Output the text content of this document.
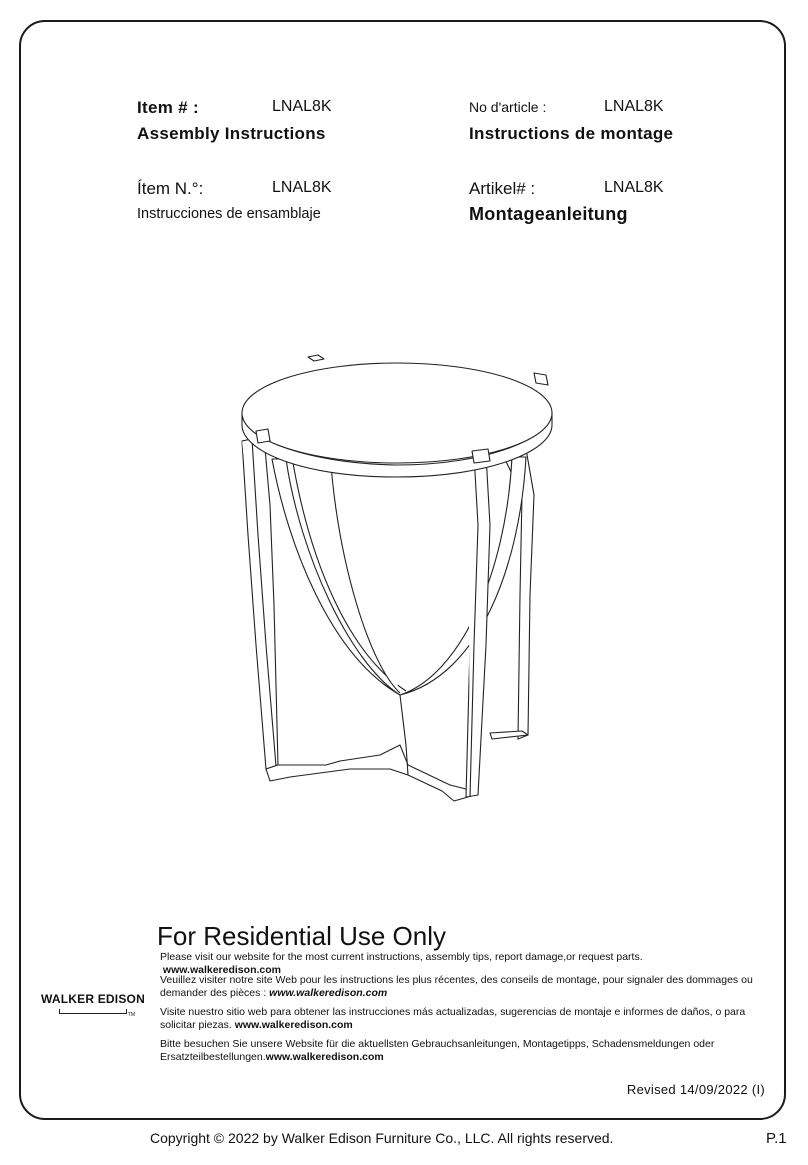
Item # :	LNAL8K
Assembly Instructions
No d'article :	LNAL8K
Instructions de montage
Ítem N.°:	LNAL8K
Instrucciones de ensamblaje
Artikel# :	LNAL8K
Montageanleitung
For Residential Use Only
Please visit our website for the most current instructions, assembly tips, report damage,or request parts.  www.walkeredison.com
Veuillez visiter notre site Web pour les instructions les plus récentes, des conseils de montage, pour signaler des dommages ou demander des pièces : www.walkeredison.com
Visite nuestro sitio web para obtener las instrucciones más actualizadas, sugerencias de montaje e informes de daños, o para solicitar piezas. www.walkeredison.com
Bitte besuchen Sie unsere Website für die aktuellsten Gebrauchsanleitungen, Montagetipps, Schadensmeldungen oder Ersatzteilbestellungen.www.walkeredison.com
WALKER EDISON
TM
Revised 14/09/2022 (I)
Copyright © 2022 by Walker Edison Furniture Co., LLC. All rights reserved.	P.1
